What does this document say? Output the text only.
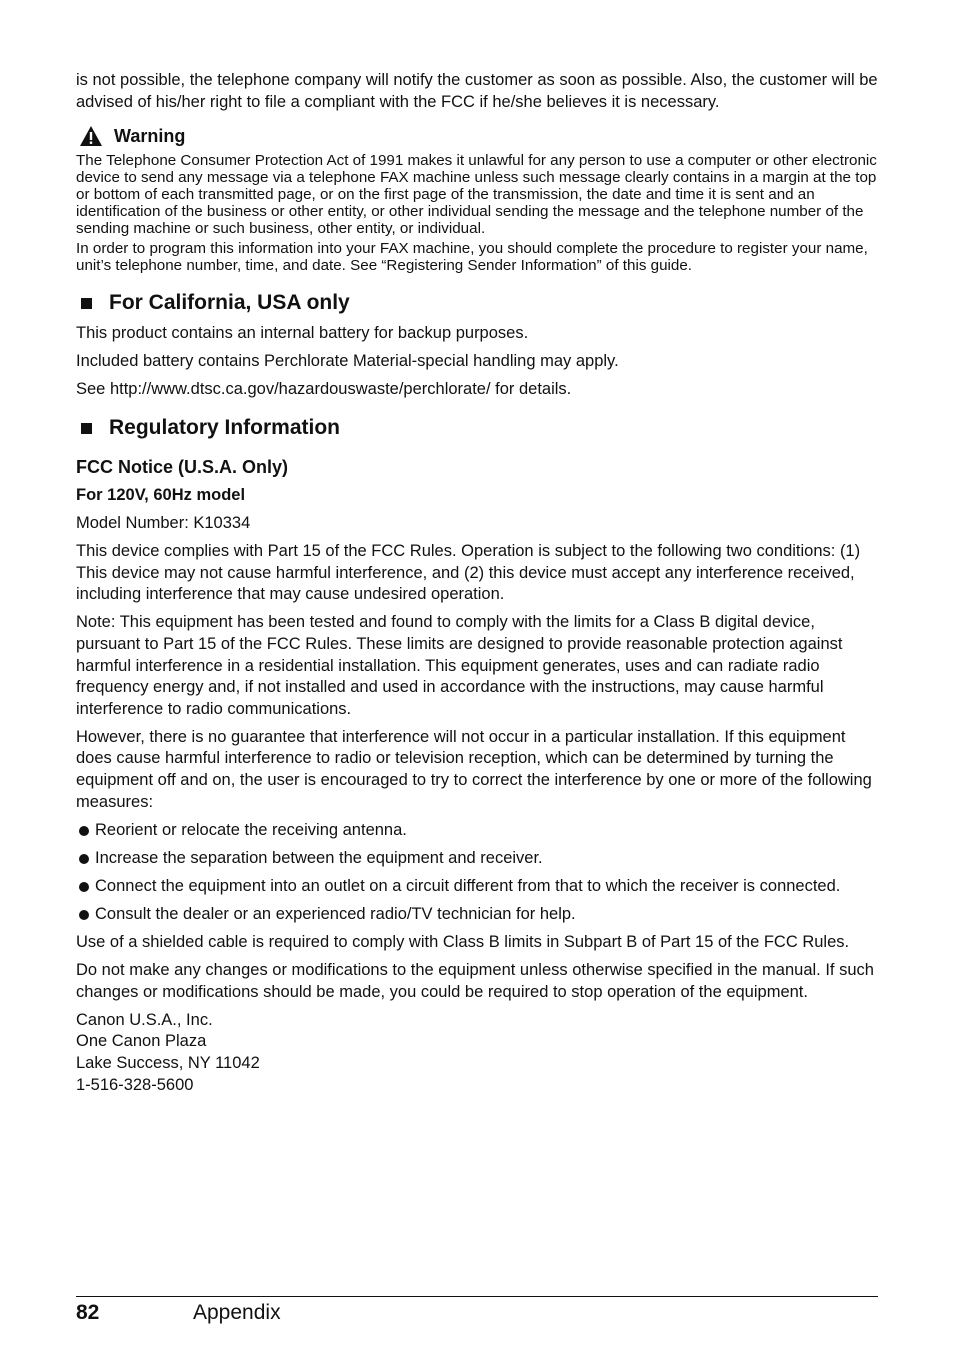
is not possible, the telephone company will notify the customer as soon as possible. Also, the customer will be advised of his/her right to file a compliant with the FCC if he/she believes it is necessary.

Warning

The Telephone Consumer Protection Act of 1991 makes it unlawful for any person to use a computer or other electronic device to send any message via a telephone FAX machine unless such message clearly contains in a margin at the top or bottom of each transmitted page, or on the first page of the transmission, the date and time it is sent and an identification of the business or other entity, or other individual sending the message and the telephone number of the sending machine or such business, other entity, or individual.

In order to program this information into your FAX machine, you should complete the procedure to register your name, unit’s telephone number, time, and date. See “Registering Sender Information” of this guide.

For California, USA only

This product contains an internal battery for backup purposes.

Included battery contains Perchlorate Material-special handling may apply.

See http://www.dtsc.ca.gov/hazardouswaste/perchlorate/ for details.

Regulatory Information
FCC Notice (U.S.A. Only)
For 120V, 60Hz model

Model Number: K10334

This device complies with Part 15 of the FCC Rules. Operation is subject to the following two conditions: (1) This device may not cause harmful interference, and (2) this device must accept any interference received, including interference that may cause undesired operation.

Note: This equipment has been tested and found to comply with the limits for a Class B digital device, pursuant to Part 15 of the FCC Rules. These limits are designed to provide reasonable protection against harmful interference in a residential installation. This equipment generates, uses and can radiate radio frequency energy and, if not installed and used in accordance with the instructions, may cause harmful interference to radio communications.

However, there is no guarantee that interference will not occur in a particular installation. If this equipment does cause harmful interference to radio or television reception, which can be determined by turning the equipment off and on, the user is encouraged to try to correct the interference by one or more of the following measures:

Reorient or relocate the receiving antenna.
Increase the separation between the equipment and receiver.
Connect the equipment into an outlet on a circuit different from that to which the receiver is connected.
Consult the dealer or an experienced radio/TV technician for help.

Use of a shielded cable is required to comply with Class B limits in Subpart B of Part 15 of the FCC Rules.

Do not make any changes or modifications to the equipment unless otherwise specified in the manual. If such changes or modifications should be made, you could be required to stop operation of the equipment.

Canon U.S.A., Inc.
One Canon Plaza
Lake Success, NY 11042
1-516-328-5600
82	Appendix
